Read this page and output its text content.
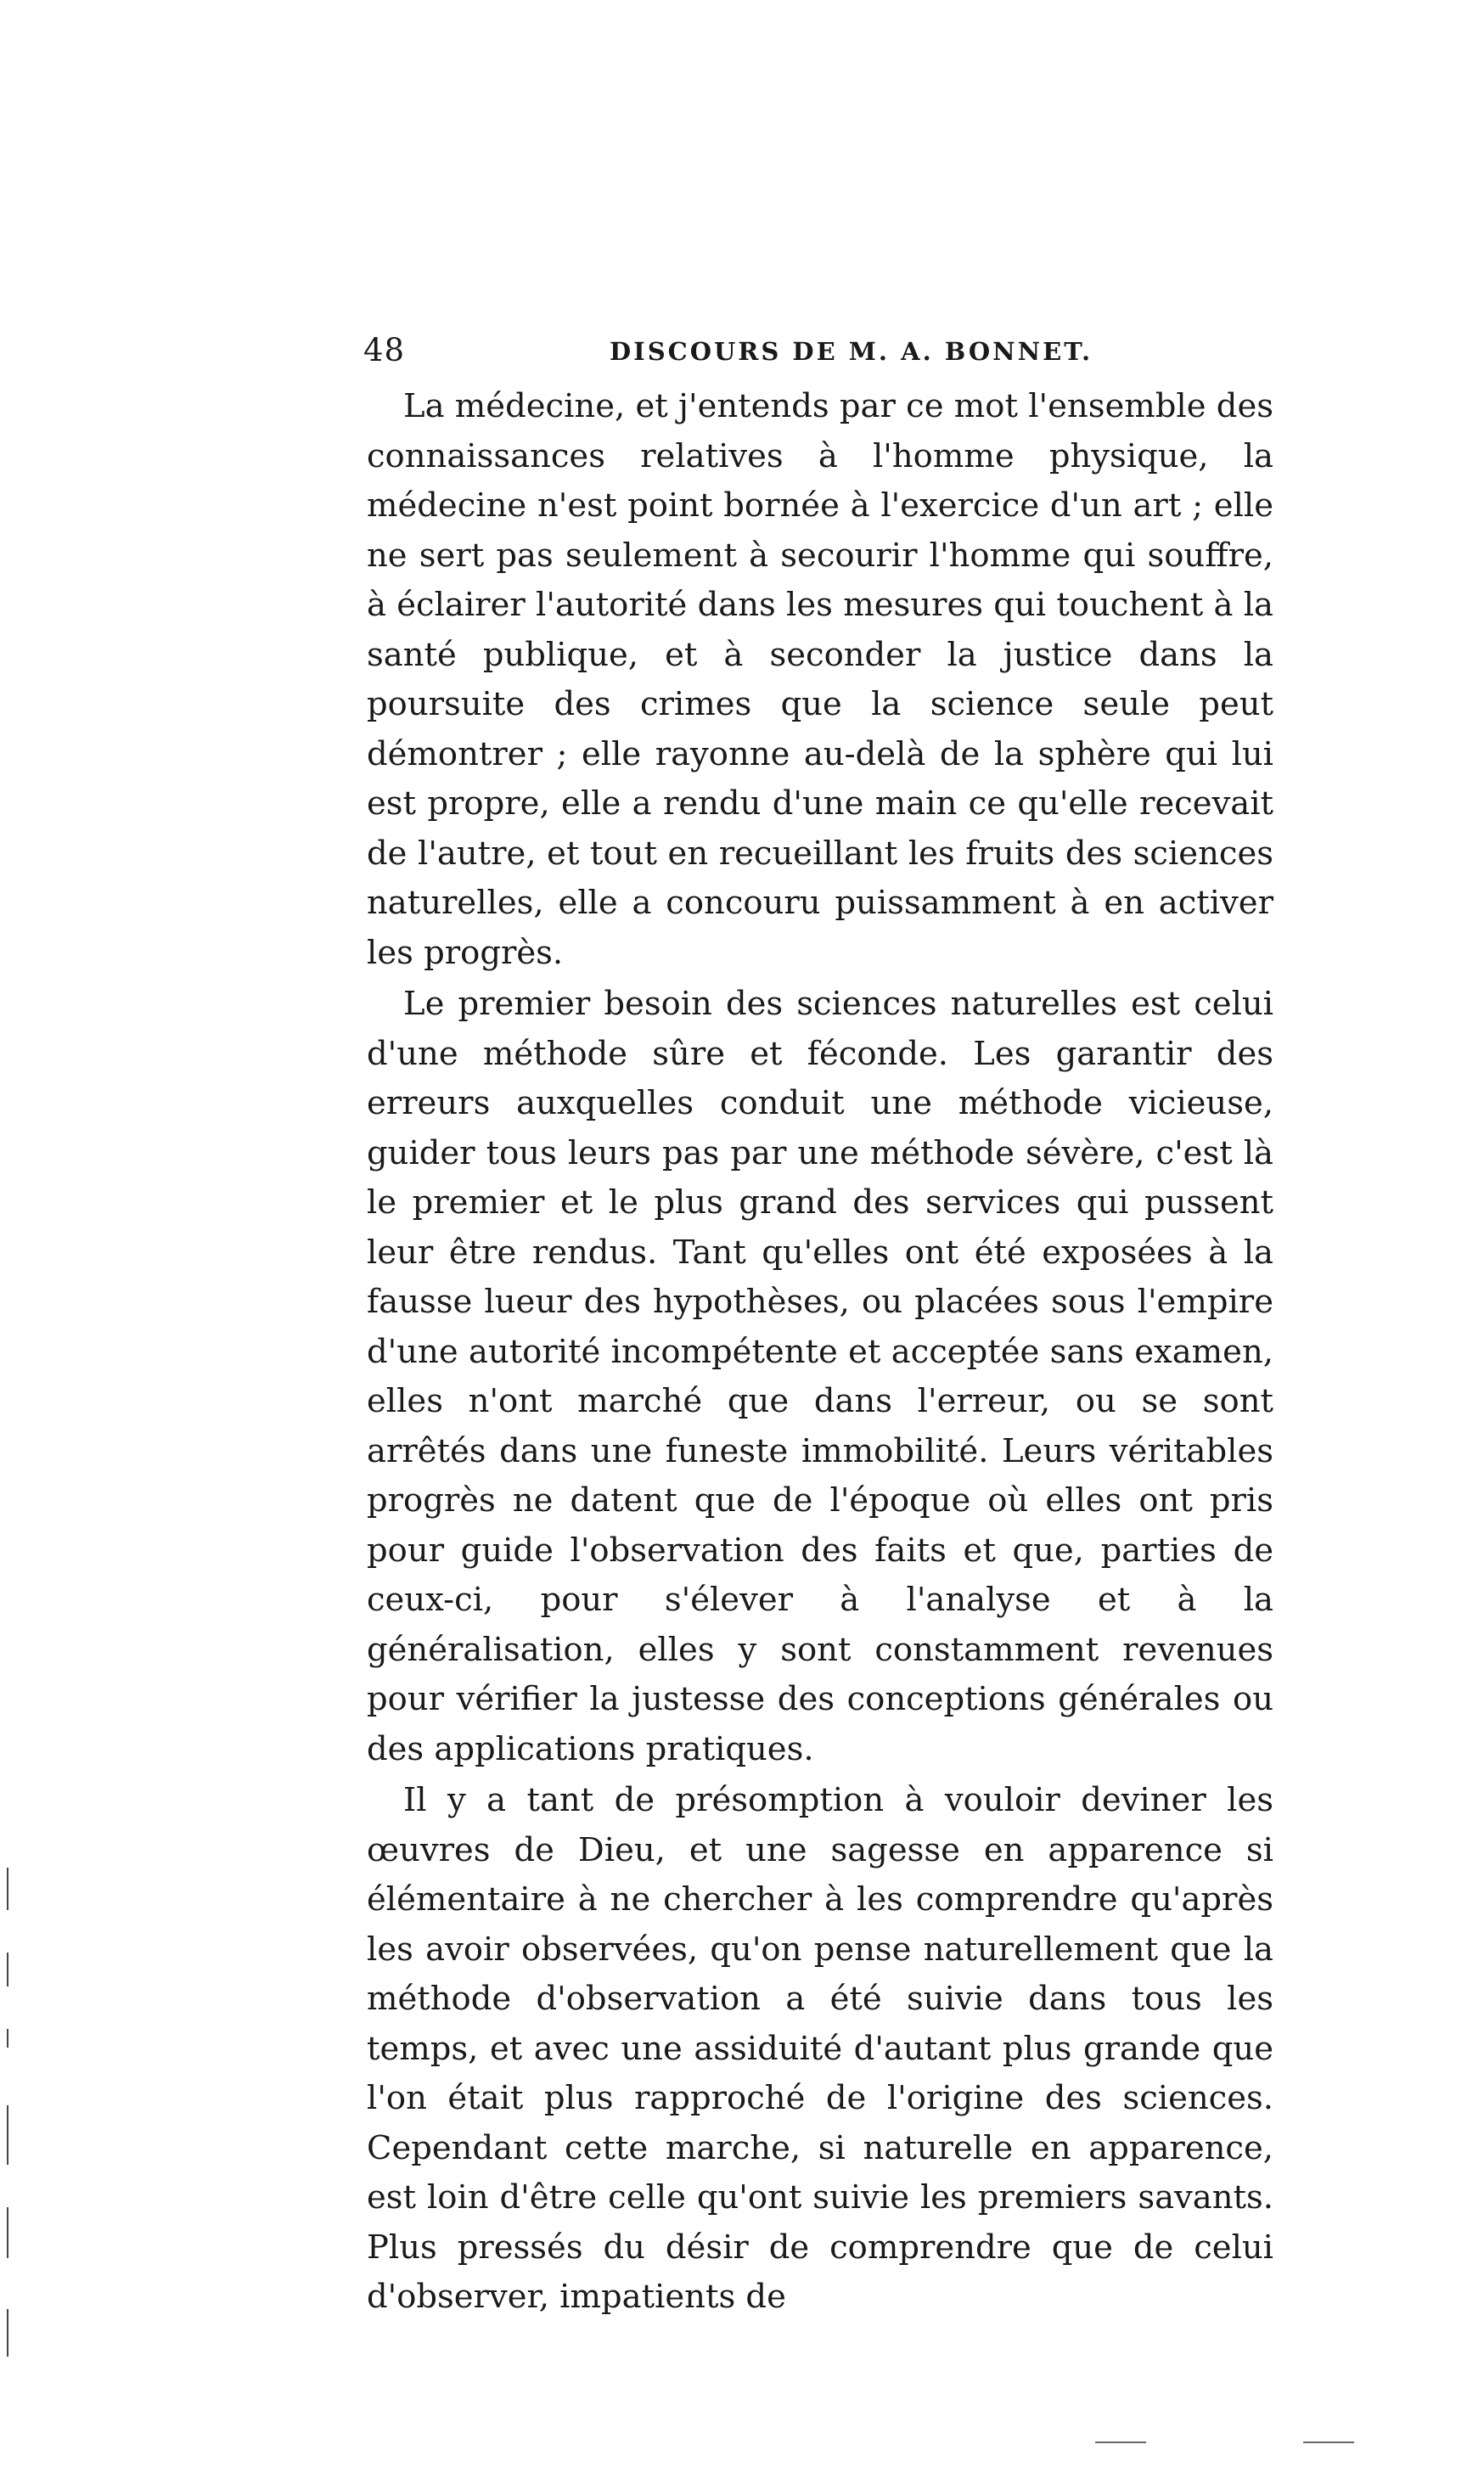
48	DISCOURS DE M. A. BONNET.

La médecine, et j'entends par ce mot l'ensemble des connaissances relatives à l'homme physique, la médecine n'est point bornée à l'exercice d'un art ; elle ne sert pas seulement à secourir l'homme qui souffre, à éclairer l'autorité dans les mesures qui touchent à la santé publique, et à seconder la justice dans la poursuite des crimes que la science seule peut démontrer ; elle rayonne au-delà de la sphère qui lui est propre, elle a rendu d'une main ce qu'elle recevait de l'autre, et tout en recueillant les fruits des sciences naturelles, elle a concouru puissamment à en activer les progrès.

Le premier besoin des sciences naturelles est celui d'une méthode sûre et féconde. Les garantir des erreurs auxquelles conduit une méthode vicieuse, guider tous leurs pas par une méthode sévère, c'est là le premier et le plus grand des services qui pussent leur être rendus. Tant qu'elles ont été exposées à la fausse lueur des hypothèses, ou placées sous l'empire d'une autorité incompétente et acceptée sans examen, elles n'ont marché que dans l'erreur, ou se sont arrêtés dans une funeste immobilité. Leurs véritables progrès ne datent que de l'époque où elles ont pris pour guide l'observation des faits et que, parties de ceux-ci, pour s'élever à l'analyse et à la généralisation, elles y sont constamment revenues pour vérifier la justesse des conceptions générales ou des applications pratiques.

Il y a tant de présomption à vouloir deviner les œuvres de Dieu, et une sagesse en apparence si élémentaire à ne chercher à les comprendre qu'après les avoir observées, qu'on pense naturellement que la méthode d'observation a été suivie dans tous les temps, et avec une assiduité d'autant plus grande que l'on était plus rapproché de l'origine des sciences. Cependant cette marche, si naturelle en apparence, est loin d'être celle qu'ont suivie les premiers savants. Plus pressés du désir de comprendre que de celui d'observer, impatients de
